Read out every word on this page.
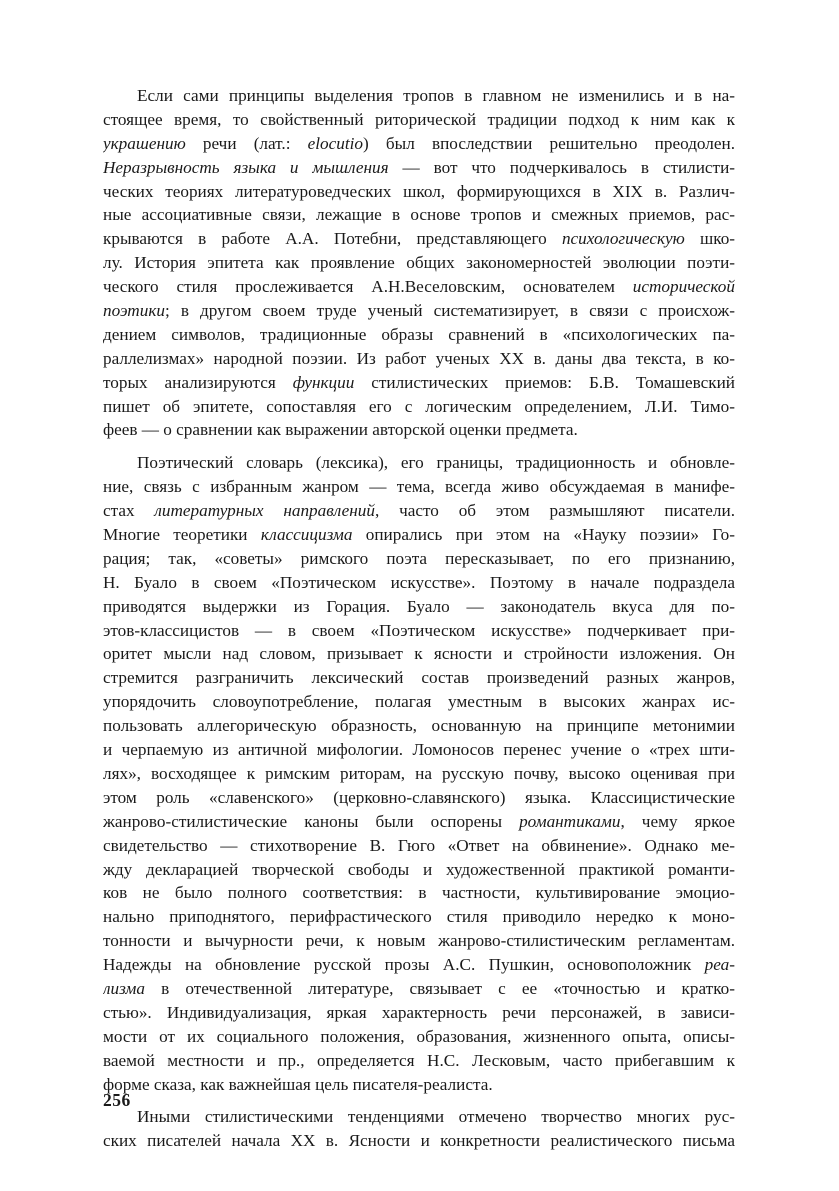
Если сами принципы выделения тропов в главном не изменились и в на-
стоящее время, то свойственный риторической традиции подход к ним как к
украшению речи (лат.: elocutio) был впоследствии решительно преодолен.
Неразрывность языка и мышления — вот что подчеркивалось в стилисти-
ческих теориях литературоведческих школ, формирующихся в XIX в. Различ-
ные ассоциативные связи, лежащие в основе тропов и смежных приемов, рас-
крываются в работе А.А. Потебни, представляющего психологическую шко-
лу. История эпитета как проявление общих закономерностей эволюции поэти-
ческого стиля прослеживается А.Н.Веселовским, основателем исторической
поэтики; в другом своем труде ученый систематизирует, в связи с происхож-
дением символов, традиционные образы сравнений в «психологических па-
раллелизмах» народной поэзии. Из работ ученых XX в. даны два текста, в ко-
торых анализируются функции стилистических приемов: Б.В. Томашевский
пишет об эпитете, сопоставляя его с логическим определением, Л.И. Тимо-
феев — о сравнении как выражении авторской оценки предмета.
Поэтический словарь (лексика), его границы, традиционность и обновле-
ние, связь с избранным жанром — тема, всегда живо обсуждаемая в манифе-
стах литературных направлений, часто об этом размышляют писатели.
Многие теоретики классицизма опирались при этом на «Науку поэзии» Го-
рация; так, «советы» римского поэта пересказывает, по его признанию,
Н. Буало в своем «Поэтическом искусстве». Поэтому в начале подраздела
приводятся выдержки из Горация. Буало — законодатель вкуса для по-
этов-классицистов — в своем «Поэтическом искусстве» подчеркивает при-
оритет мысли над словом, призывает к ясности и стройности изложения. Он
стремится разграничить лексический состав произведений разных жанров,
упорядочить словоупотребление, полагая уместным в высоких жанрах ис-
пользовать аллегорическую образность, основанную на принципе метонимии
и черпаемую из античной мифологии. Ломоносов перенес учение о «трех шти-
лях», восходящее к римским риторам, на русскую почву, высоко оценивая при
этом роль «славенского» (церковно-славянского) языка. Классицистические
жанрово-стилистические каноны были оспорены романтиками, чему яркое
свидетельство — стихотворение В. Гюго «Ответ на обвинение». Однако ме-
жду декларацией творческой свободы и художественной практикой романти-
ков не было полного соответствия: в частности, культивирование эмоцио-
нально приподнятого, перифрастического стиля приводило нередко к моно-
тонности и вычурности речи, к новым жанрово-стилистическим регламентам.
Надежды на обновление русской прозы А.С. Пушкин, основоположник реа-
лизма в отечественной литературе, связывает с ее «точностью и кратко-
стью». Индивидуализация, яркая характерность речи персонажей, в зависи-
мости от их социального положения, образования, жизненного опыта, описы-
ваемой местности и пр., определяется Н.С. Лесковым, часто прибегавшим к
форме сказа, как важнейшая цель писателя-реалиста.
Иными стилистическими тенденциями отмечено творчество многих рус-
ских писателей начала XX в. Ясности и конкретности реалистического письма
256
